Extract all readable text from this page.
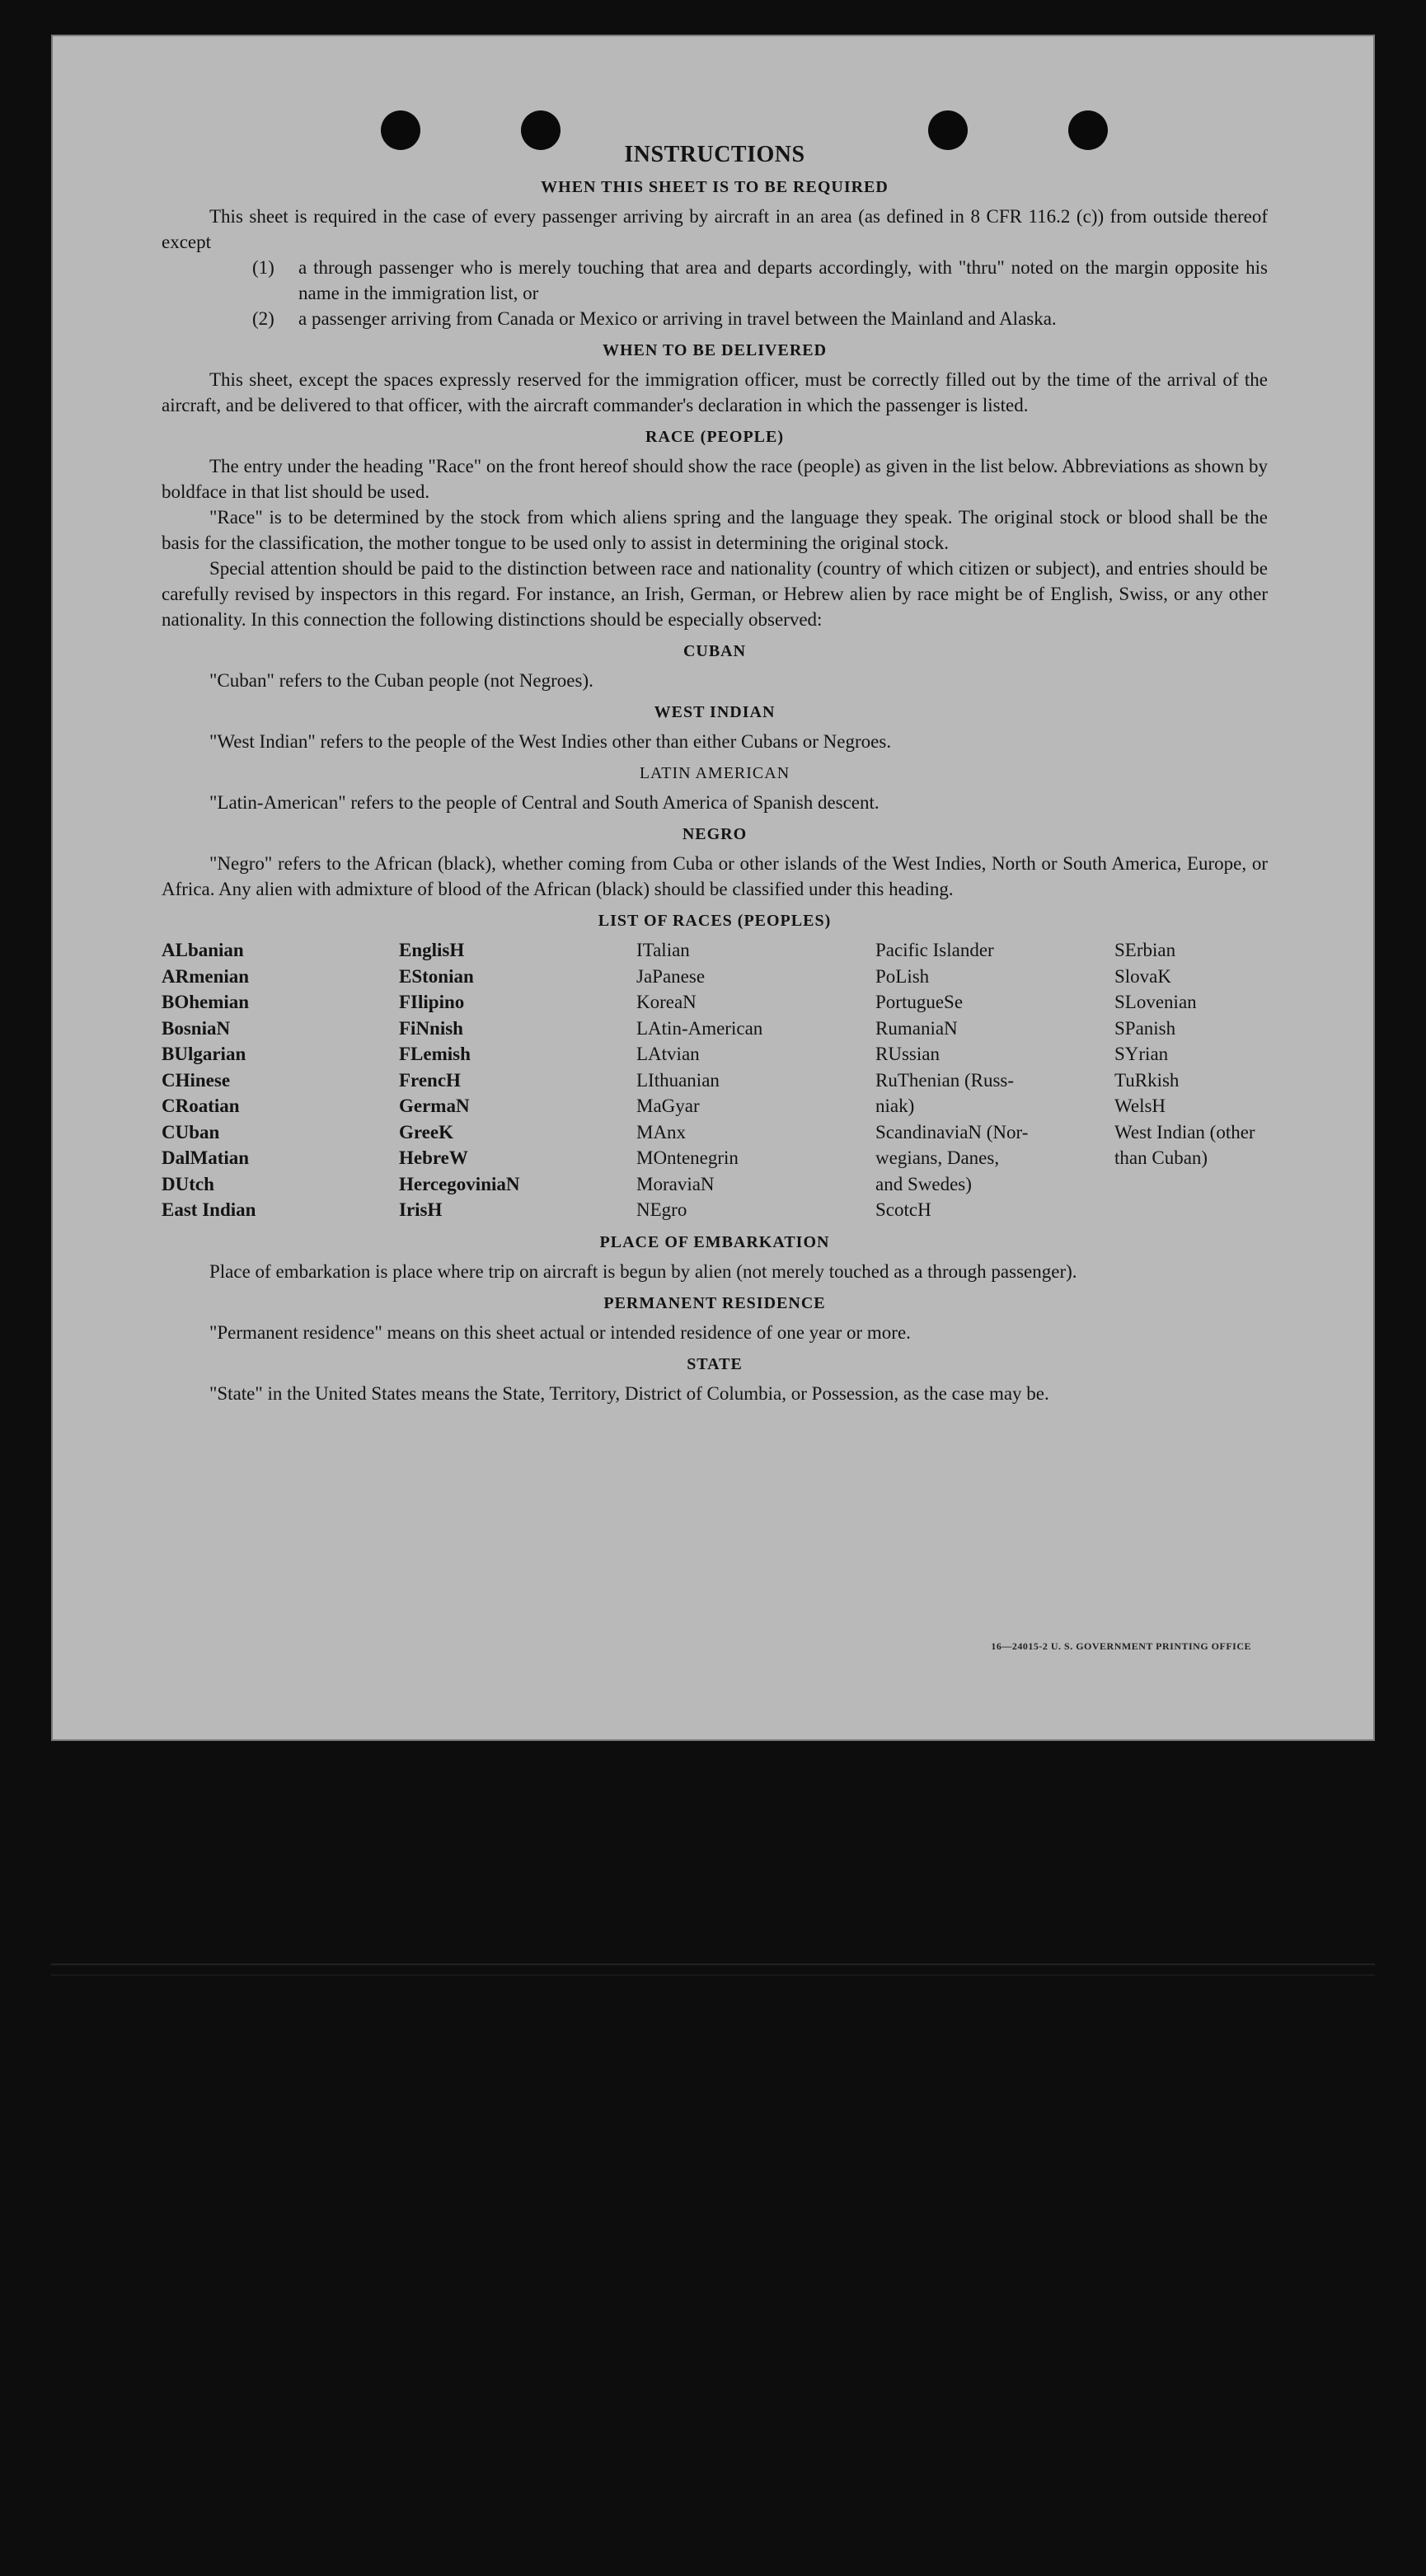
INSTRUCTIONS
WHEN THIS SHEET IS TO BE REQUIRED

This sheet is required in the case of every passenger arriving by aircraft in an area (as defined in 8 CFR 116.2 (c)) from outside thereof except

(1)	a through passenger who is merely touching that area and departs accordingly, with "thru" noted on the margin opposite his name in the immigration list, or
(2)	a passenger arriving from Canada or Mexico or arriving in travel between the Mainland and Alaska.
WHEN TO BE DELIVERED

This sheet, except the spaces expressly reserved for the immigration officer, must be correctly filled out by the time of the arrival of the aircraft, and be delivered to that officer, with the aircraft commander's declaration in which the passenger is listed.

RACE (PEOPLE)

The entry under the heading "Race" on the front hereof should show the race (people) as given in the list below. Abbreviations as shown by boldface in that list should be used.

"Race" is to be determined by the stock from which aliens spring and the language they speak. The original stock or blood shall be the basis for the classification, the mother tongue to be used only to assist in determining the original stock.

Special attention should be paid to the distinction between race and nationality (country of which citizen or subject), and entries should be carefully revised by inspectors in this regard. For instance, an Irish, German, or Hebrew alien by race might be of English, Swiss, or any other nationality. In this connection the following distinctions should be especially observed:

CUBAN

"Cuban" refers to the Cuban people (not Negroes).

WEST INDIAN

"West Indian" refers to the people of the West Indies other than either Cubans or Negroes.

LATIN AMERICAN

"Latin-American" refers to the people of Central and South America of Spanish descent.

NEGRO

"Negro" refers to the African (black), whether coming from Cuba or other islands of the West Indies, North or South America, Europe, or Africa. Any alien with admixture of blood of the African (black) should be classified under this heading.

LIST OF RACES (PEOPLES)
ALbanian
ARmenian
BOhemian
BosniaN
BUlgarian
CHinese
CRoatian
CUban
DalMatian
DUtch
East Indian
EnglisH
EStonian
FIlipino
FiNnish
FLemish
FrencH
GermaN
GreeK
HebreW
HercegoviniaN
IrisH
ITalian
JaPanese
KoreaN
LAtin-American
LAtvian
LIthuanian
MaGyar
MAnx
MOntenegrin
MoraviaN
NEgro
Pacific Islander
PoLish
PortugueSe
RumaniaN
RUssian
RuThenian (Russ-
niak)
ScandinaviaN (Nor-
wegians, Danes,
and Swedes)
ScotcH
SErbian
SlovaK
SLovenian
SPanish
SYrian
TuRkish
WelsH
West Indian (other
than Cuban)
PLACE OF EMBARKATION

Place of embarkation is place where trip on aircraft is begun by alien (not merely touched as a through passenger).

PERMANENT RESIDENCE

"Permanent residence" means on this sheet actual or intended residence of one year or more.

STATE

"State" in the United States means the State, Territory, District of Columbia, or Possession, as the case may be.

16—24015-2 U. S. GOVERNMENT PRINTING OFFICE
